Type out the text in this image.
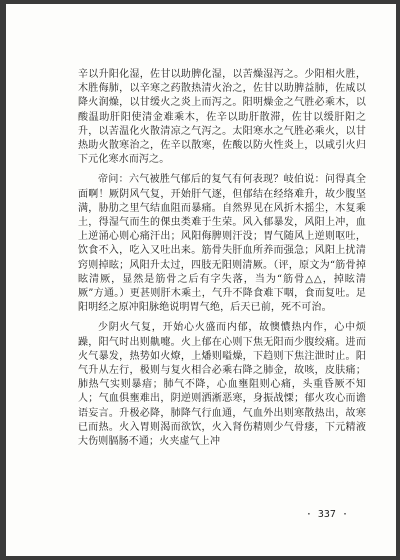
辛以升阳化湿，佐甘以助脾化湿，以苦燥湿泻之。少阳相火胜，木胜侮肺，以辛寒之药散热清火治之，佐甘以助脾益肺，佐咸以降火润燥，以甘缓火之炎上而泻之。阳明燥金之气胜必乘木，以酸温助肝阳使清金难乘木，佐辛以助肝散滞，佐甘以缓肝阳之升，以苦温化火散清凉之气泻之。太阳寒水之气胜必乘火，以甘热助火散寒治之，佐辛以散寒，佐酸以防火性炎上，以咸引火归下元化寒水而泻之。

帝问：六气被胜气郁后的复气有何表现？岐伯说：问得真全面啊！厥阴风气复，开始肝气逐，但郁结在经络难升，故少腹坚满，胁肋之里气结血阻而暴痛。自然界见在风折木摇尘，木复乘土，得湿气而生的倮虫类难于生荣。风入郁暴发，风阳上冲，血上逆涌心则心痛汗出；风阳侮脾则汗没；胃气随风上逆则呕吐，饮食不入，吃入又吐出来。筋骨失肝血所养而强急；风阳上扰清窍则掉眩；风阳升太过，四肢无阳则清厥。（评，原文为“筋骨掉眩清厥，显然是筋骨之后有字失落，当为“筋骨△△，掉眩清厥”方通。）更甚则肝木乘土，气升不降食难下咽，食而复吐。足阳明经之原冲阳脉绝说明胃气绝，后天已前，死不可治。

少阴火气复，开始心火盛而内郁，故懊憹热内作，心中烦躁，阳气时出则鼽嚏。火上郁在心则下焦无阳而少腹绞痛。进而火气暴发，热势如火燎，上燔则嗌燥，下趋则下焦注泄时止。阳气升从左行，极则与复火相合必乘右降之肺金，故咳，皮肤痛；肺热气实则暴瘖；肺气不降，心血壅阻则心痛，头重昏厥不知人；气血俱壅难出，阴逆则洒淅恶寒，身振战慄；郁火攻心而谵语妄言。升极必降，肺降气行血通，气血外出则寒散热出，故寒已而热。火入胃则渴而欲饮，火入肾伤精则少气骨痿，下元精液大伤则膈肠不通；火夹虚气上冲

· 337 ·
